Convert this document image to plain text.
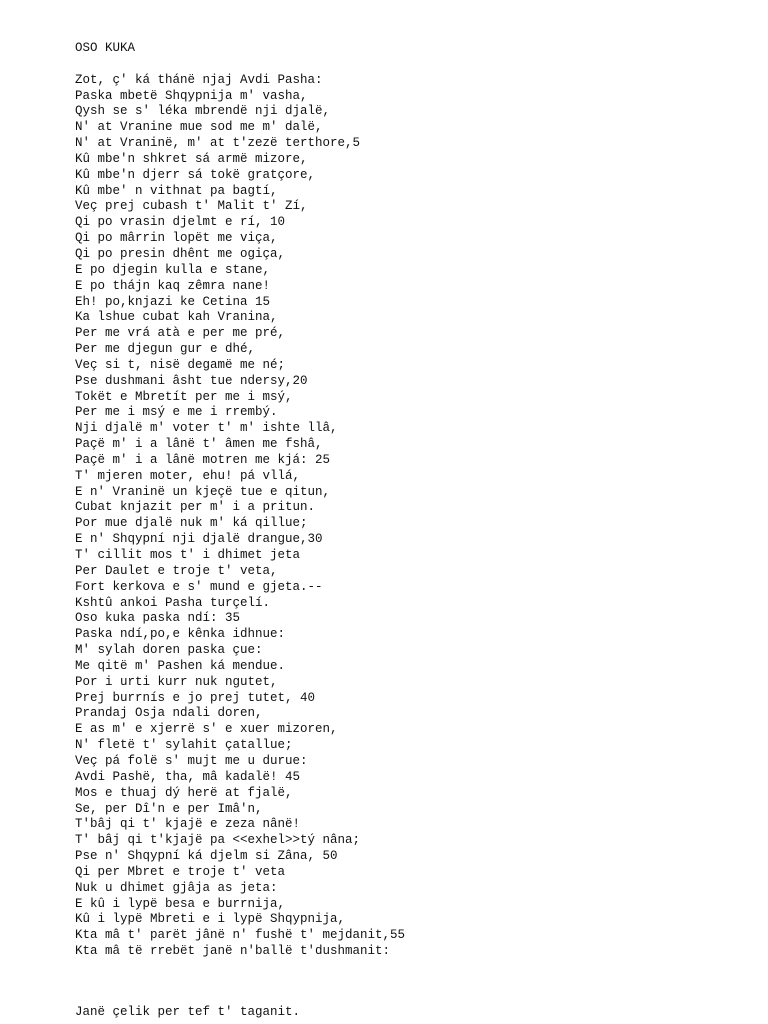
OSO KUKA
Zot, ç' ká thánë njaj Avdi Pasha:
Paska mbetë Shqypnija m' vasha,
Qysh se s' léka mbrendë nji djalë,
N' at Vranine mue sod me m' dalë,
N' at Vraninë, m' at t'zezë terthore,5
Kû mbe'n shkret sá armë mizore,
Kû mbe'n djerr sá tokë gratçore,
Kû mbe' n vithnat pa bagtí,
Veç prej cubash t' Malit t' Zí,
Qi po vrasin djelmt e rí, 10
Qi po mârrin lopët me viça,
Qi po presin dhênt me ogiça,
E po djegin kulla e stane,
E po thájn kaq zêmra nane!
Eh! po,knjazi ke Cetina 15
Ka lshue cubat kah Vranina,
Per me vrá atà e per me pré,
Per me djegun gur e dhé,
Veç si t, nisë degamë me né;
Pse dushmani âsht tue ndersy,20
Tokët e Mbretít per me i msý,
Per me i msý e me i rrembý.
Nji djalë m' voter t' m' ishte llâ,
Paçë m' i a lânë t' âmen me fshâ,
Paçë m' i a lânë motren me kjá: 25
T' mjeren moter, ehu! pá vllá,
E n' Vraninë un kjeçë tue e qitun,
Cubat knjazit per m' i a pritun.
Por mue djalë nuk m' ká qillue;
E n' Shqypní nji djalë drangue,30
T' cillit mos t' i dhimet jeta
Per Daulet e troje t' veta,
Fort kerkova e s' mund e gjeta.--
Kshtû ankoi Pasha turçelí.
Oso kuka paska ndí: 35
Paska ndí,po,e kênka idhnue:
M' sylah doren paska çue:
Me qitë m' Pashen ká mendue.
Por i urti kurr nuk ngutet,
Prej burrnís e jo prej tutet, 40
Prandaj Osja ndali doren,
E as m' e xjerrë s' e xuer mizoren,
N' fletë t' sylahit çatallue;
Veç pá folë s' mujt me u durue:
Avdi Pashë, tha, mâ kadalë! 45
Mos e thuaj dý herë at fjalë,
Se, per Dî'n e per Imâ'n,
T'bâj qi t' kjajë e zeza nânë!
T' bâj qi t'kjajë pa <<exhel>>tý nâna;
Pse n' Shqypní ká djelm si Zâna, 50
Qi per Mbret e troje t' veta
Nuk u dhimet gjâja as jeta:
E kû i lypë besa e burrnija,
Kû i lypë Mbreti e i lypë Shqypnija,
Kta mâ t' parët jânë n' fushë t' mejdanit,55
Kta mâ të rrebët janë n'ballë t'dushmanit:
Janë çelik per tef t' taganit.
